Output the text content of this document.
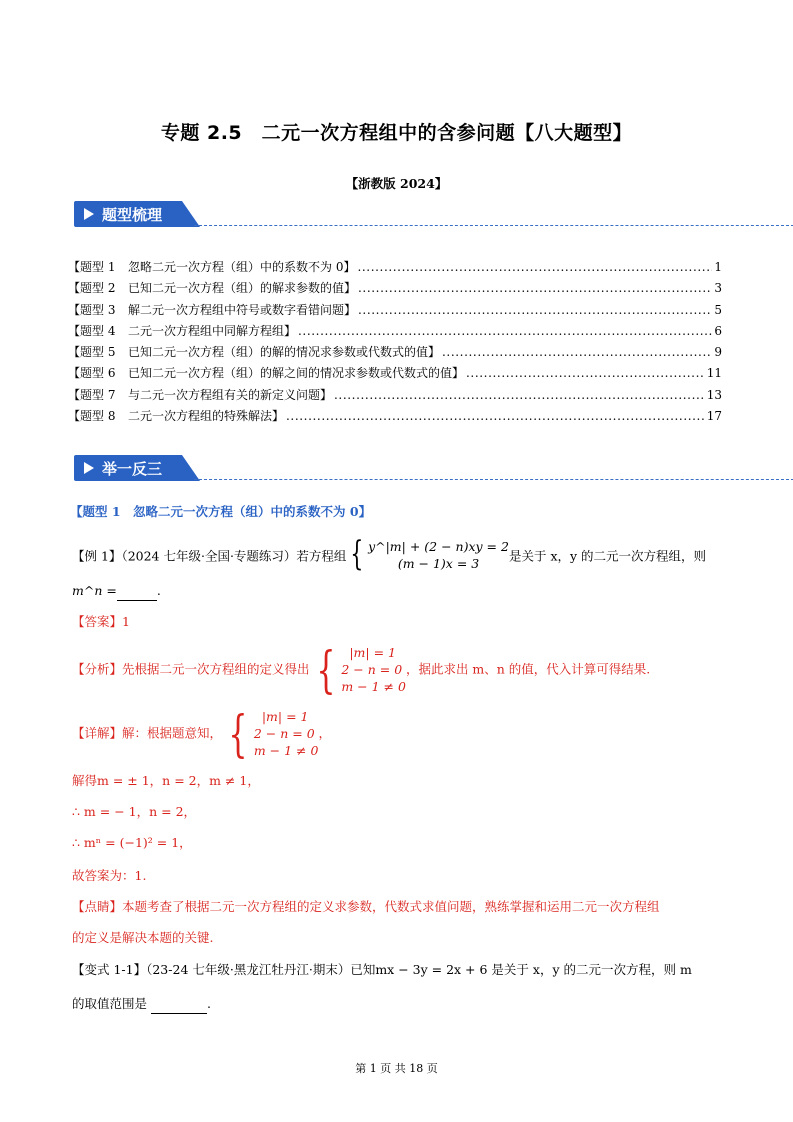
专题 2.5　二元一次方程组中的含参问题【八大题型】
【浙教版 2024】
题型梳理
【题型 1 忽略二元一次方程（组）中的系数不为 0】 .....	1
【题型 2 已知二元一次方程（组）的解求参数的值】 .....	3
【题型 3 解二元一次方程组中符号或数字看错问题】 .....	5
【题型 4 二元一次方程组中同解方程组】 .....	6
【题型 5 已知二元一次方程（组）的解的情况求参数或代数式的值】 .....	9
【题型 6 已知二元一次方程（组）的解之间的情况求参数或代数式的值】 .....	11
【题型 7 与二元一次方程组有关的新定义问题】 .....	13
【题型 8 二元一次方程组的特殊解法】 .....	17
举一反三
【题型 1　忽略二元一次方程（组）中的系数不为 0】
【例 1】（2024 七年级·全国·专题练习）若方程组 { y^|m| + (2 − n)xy = 2
(m − 1)x = 3 是关于 x，y 的二元一次方程组，则
m^n =	.
【答案】1
【分析】先根据二元一次方程组的定义得出 { |m| = 1
2 − n = 0
m − 1 ≠ 0，据此求出 m、n 的值，代入计算可得结果.
【详解】解：根据题意知， { |m| = 1
2 − n = 0
m − 1 ≠ 0，
解得m = ± 1，n = 2，m ≠ 1，
∴ m = − 1，n = 2，
∴ mⁿ = (−1)² = 1，
故答案为：1.
【点睛】本题考查了根据二元一次方程组的定义求参数，代数式求值问题，熟练掌握和运用二元一次方程组
的定义是解决本题的关键.
【变式 1-1】（23-24 七年级·黑龙江牡丹江·期末）已知mx − 3y = 2x + 6 是关于 x，y 的二元一次方程，则 m
的取值范围是	.
第 1 页 共 18 页
